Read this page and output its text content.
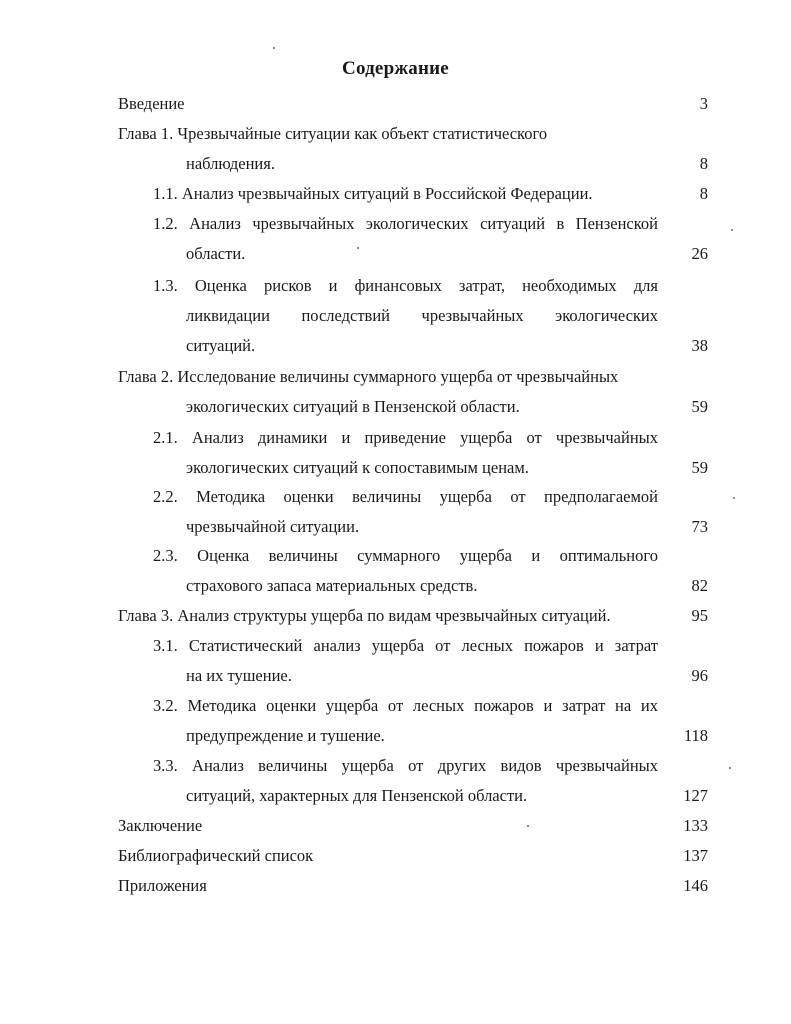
Содержание
Введение	3
Глава 1. Чрезвычайные ситуации как объект статистического
наблюдения.	8
1.1. Анализ чрезвычайных ситуаций в Российской Федерации.	8
1.2. Анализ чрезвычайных экологических ситуаций в Пензенской
области.	26
1.3. Оценка рисков и финансовых затрат, необходимых для
ликвидации последствий чрезвычайных экологических
ситуаций.	38
Глава 2. Исследование величины суммарного ущерба от чрезвычайных
экологических ситуаций в Пензенской области.	59
2.1. Анализ динамики и приведение ущерба от чрезвычайных
экологических ситуаций к сопоставимым ценам.	59
2.2. Методика оценки величины ущерба от предполагаемой
чрезвычайной ситуации.	73
2.3. Оценка величины суммарного ущерба и оптимального
страхового запаса материальных средств.	82
Глава 3. Анализ структуры ущерба по видам чрезвычайных ситуаций.	95
3.1. Статистический анализ ущерба от лесных пожаров и затрат
на их тушение.	96
3.2. Методика оценки ущерба от лесных пожаров и затрат на их
предупреждение и тушение.	118
3.3. Анализ величины ущерба от других видов чрезвычайных
ситуаций, характерных для Пензенской области.	127
Заключение	133
Библиографический список	137
Приложения	146
